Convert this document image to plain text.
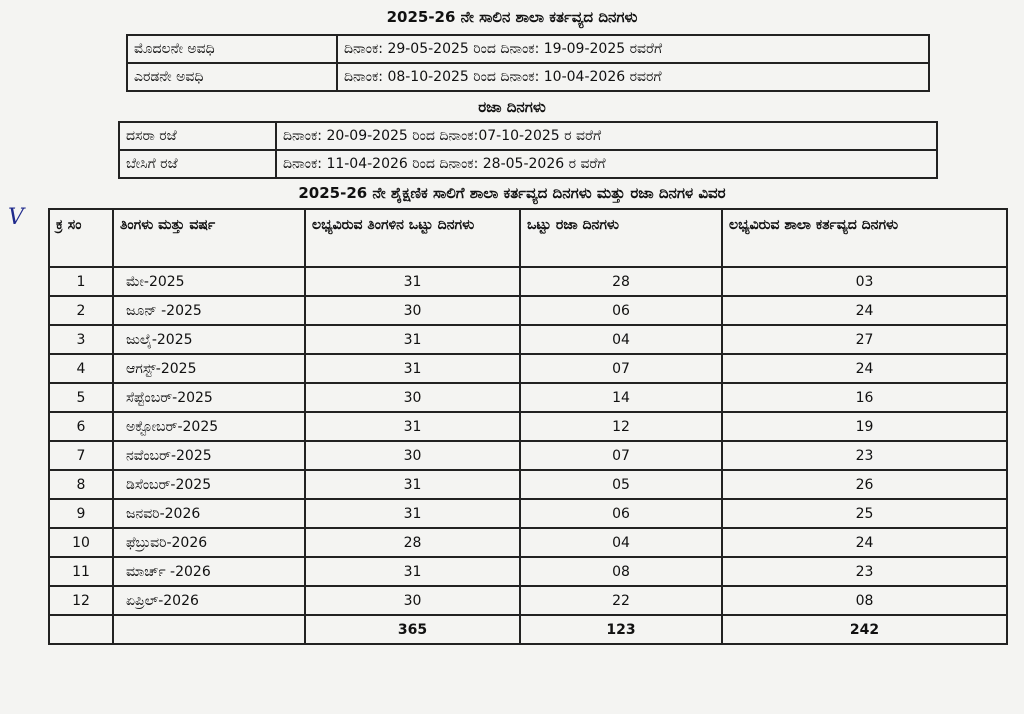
2025-26 ನೇ ಸಾಲಿನ ಶಾಲಾ ಕರ್ತವ್ಯದ ದಿನಗಳು
ಮೊದಲನೇ ಅವಧಿ	ದಿನಾಂಕ: 29-05-2025 ರಿಂದ ದಿನಾಂಕ: 19-09-2025 ರವರೆಗೆ
ಎರಡನೇ ಅವಧಿ	ದಿನಾಂಕ: 08-10-2025 ರಿಂದ ದಿನಾಂಕ: 10-04-2026 ರವರಗೆ
ರಜಾ ದಿನಗಳು
ದಸರಾ ರಜೆ	ದಿನಾಂಕ: 20-09-2025 ರಿಂದ ದಿನಾಂಕ:07-10-2025 ರ ವರೆಗೆ
ಬೇಸಿಗೆ ರಜೆ	ದಿನಾಂಕ: 11-04-2026 ರಿಂದ ದಿನಾಂಕ: 28-05-2026 ರ ವರೆಗೆ
2025-26 ನೇ ಶೈಕ್ಷಣಿಕ ಸಾಲಿಗೆ ಶಾಲಾ ಕರ್ತವ್ಯದ ದಿನಗಳು ಮತ್ತು ರಜಾ ದಿನಗಳ ವಿವರ
V ಕ್ರ ಸಂ	ತಿಂಗಳು ಮತ್ತು ವರ್ಷ	ಲಭ್ಯವಿರುವ ತಿಂಗಳಿನ ಒಟ್ಟು ದಿನಗಳು	ಒಟ್ಟು ರಜಾ ದಿನಗಳು	ಲಭ್ಯವಿರುವ ಶಾಲಾ ಕರ್ತವ್ಯದ ದಿನಗಳು
1	ಮೇ-2025	31	28	03
2	ಜೂನ್ -2025	30	06	24
3	ಜುಲೈ-2025	31	04	27
4	ಆಗಸ್ಟ್-2025	31	07	24
5	ಸೆಪ್ಟೆಂಬರ್-2025	30	14	16
6	ಅಕ್ಟೋಬರ್-2025	31	12	19
7	ನವೆಂಬರ್-2025	30	07	23
8	ಡಿಸೆಂಬರ್-2025	31	05	26
9	ಜನವರಿ-2026	31	06	25
10	ಫೆಬ್ರುವರಿ-2026	28	04	24
11	ಮಾರ್ಚ್ -2026	31	08	23
12	ಏಪ್ರಿಲ್-2026	30	22	08
		365	123	242
